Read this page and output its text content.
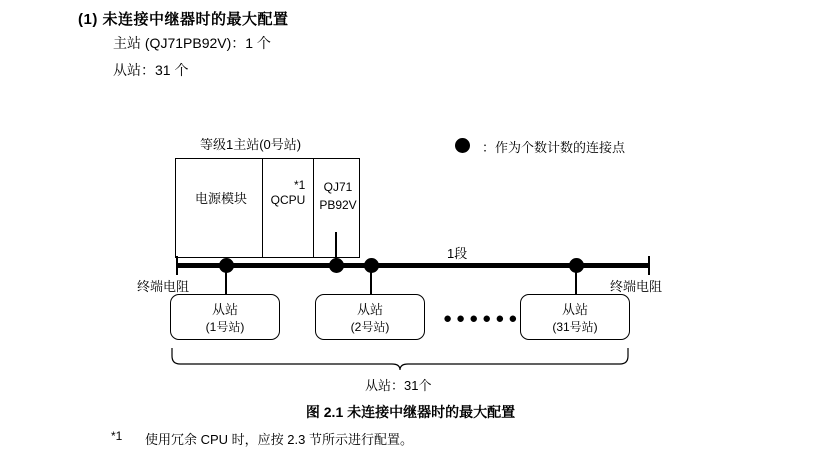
(1) 未连接中继器时的最大配置
主站 (QJ71PB92V)：1 个
从站：31 个
：作为个数计数的连接点
等级1主站(0号站)
电源模块	QCPU
*1	QJ71
PB92V
终端电阻	终端电阻
1段
从站
(1号站)
从站
(2号站)
从站
(31号站)
●●●●●●
从站：31个
图 2.1 未连接中继器时的最大配置
*1 使用冗余 CPU 时，应按 2.3 节所示进行配置。
